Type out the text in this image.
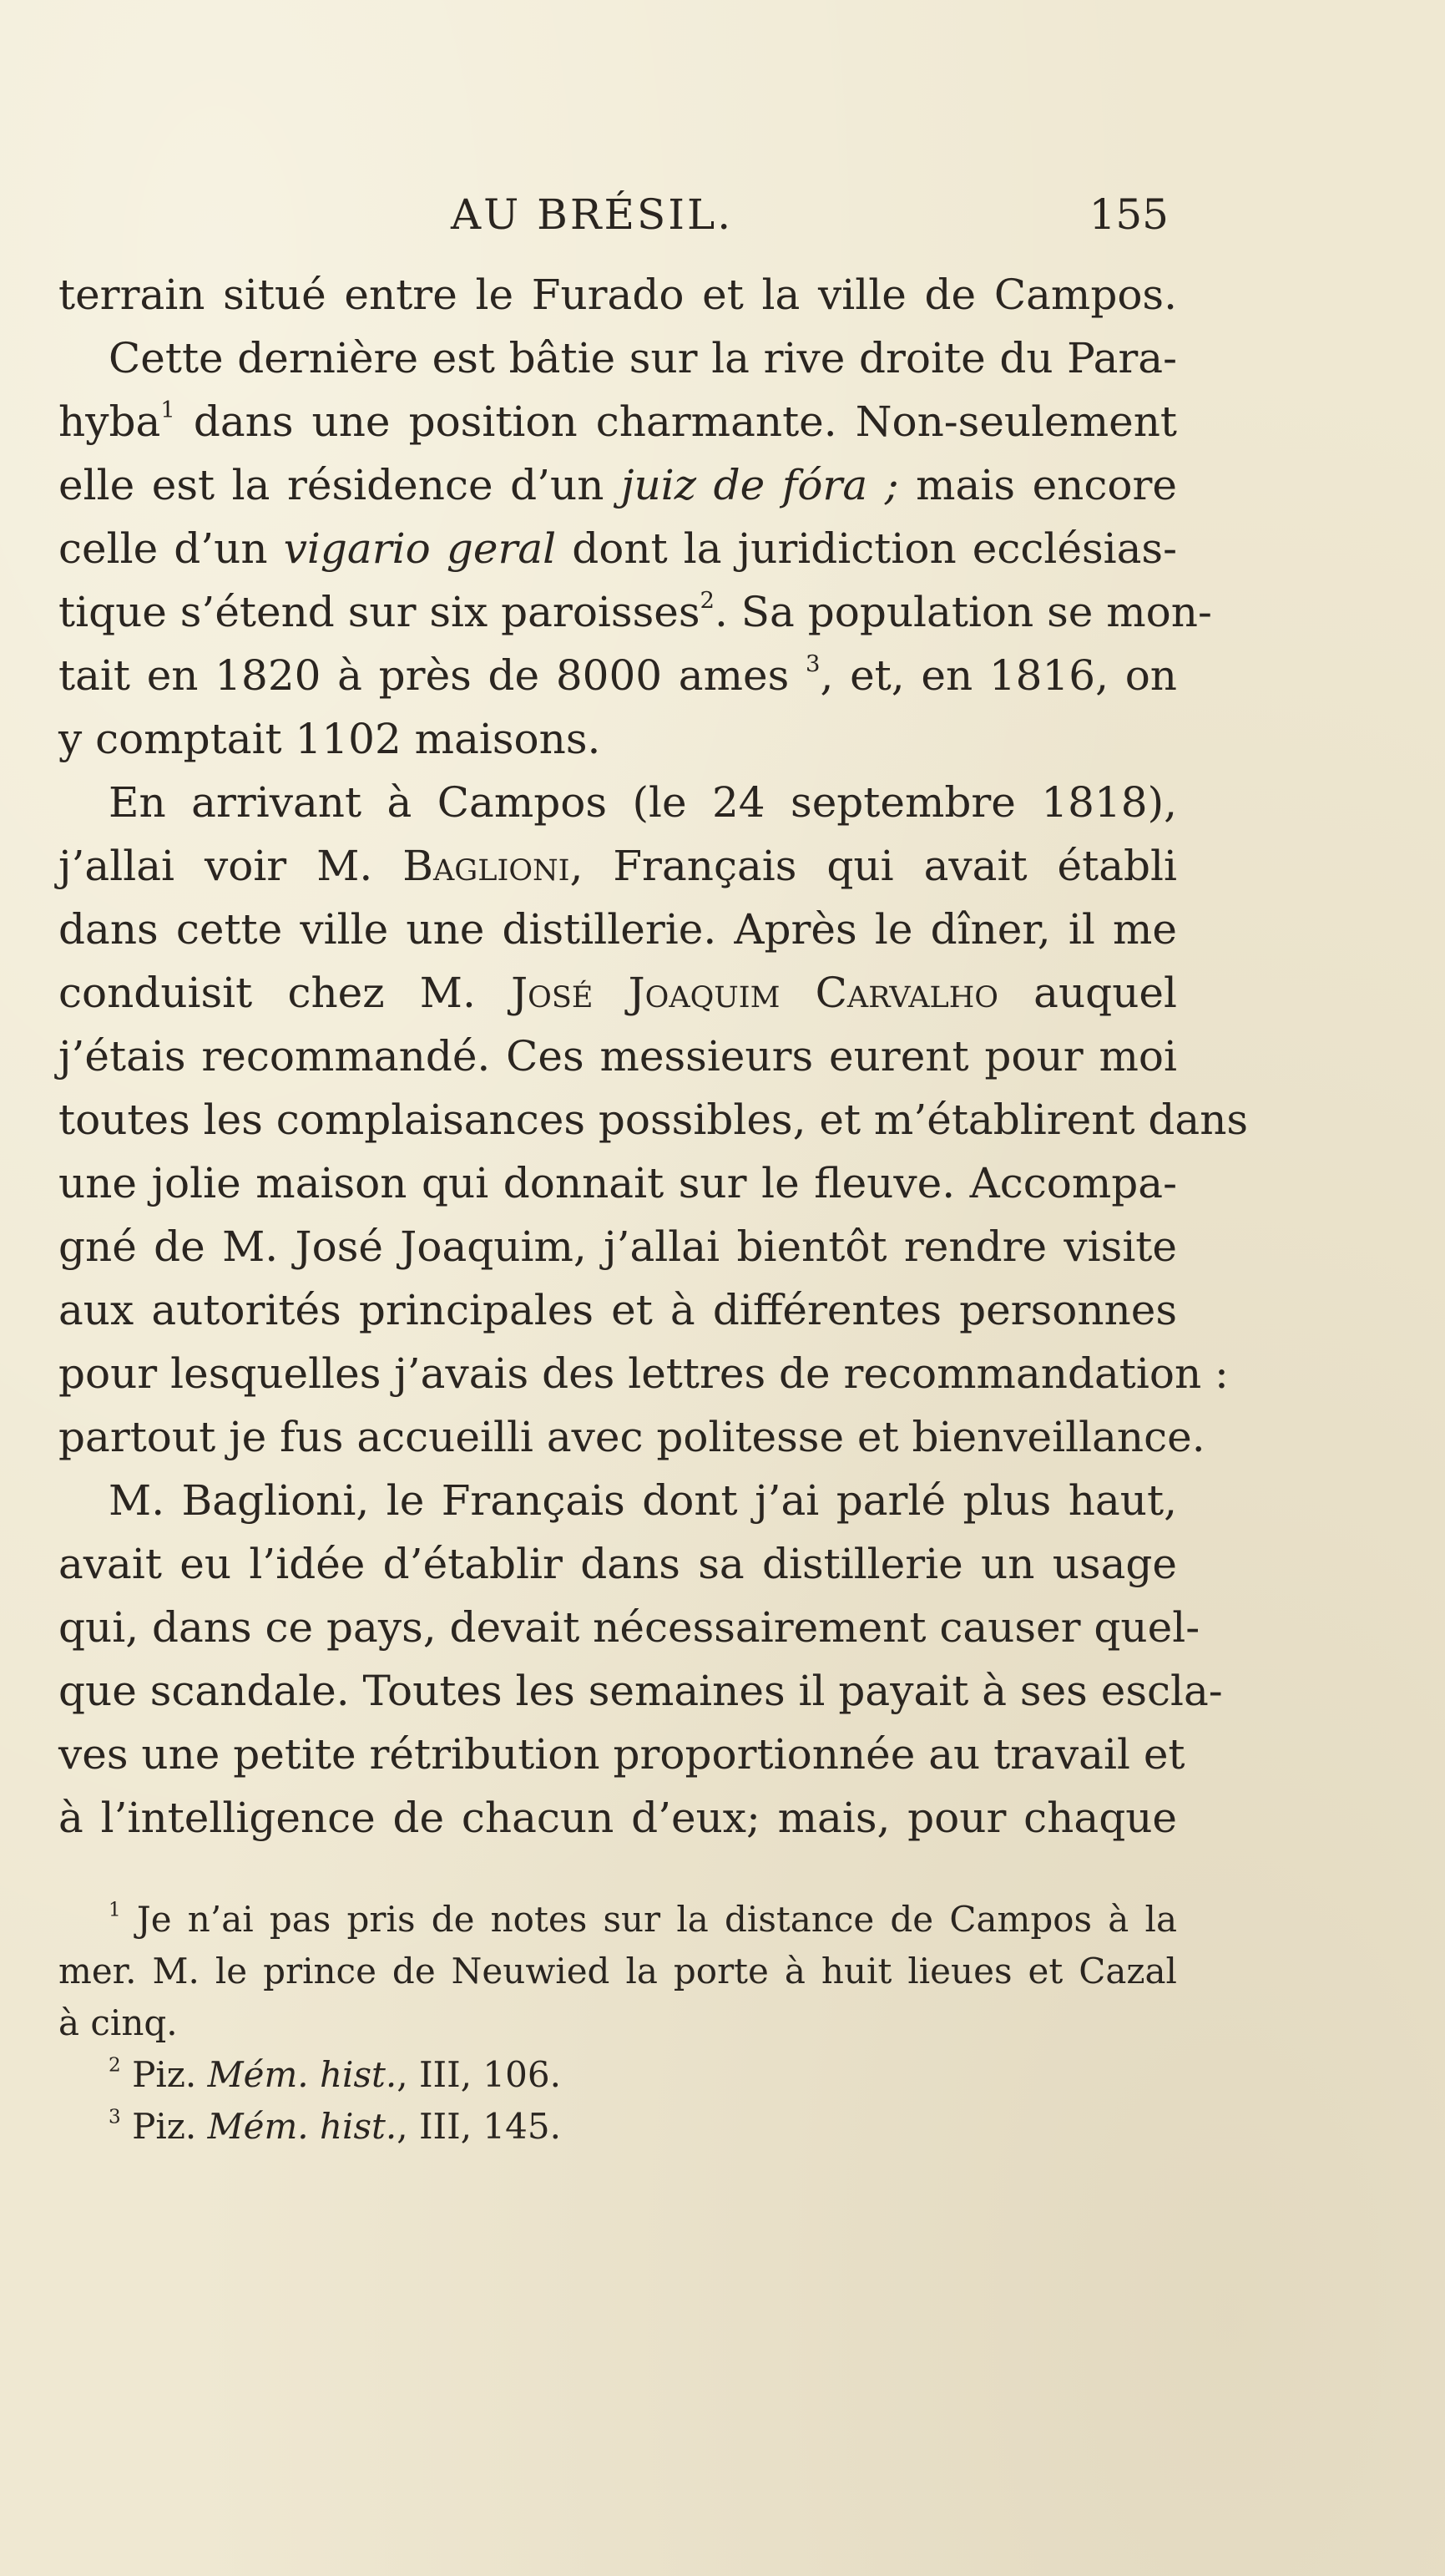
AU BRÉSIL.	155
terrain situé entre le Furado et la ville de Campos.
Cette dernière est bâtie sur la rive droite du Para-
hyba$^1$ dans une position charmante. Non-seulement
elle est la résidence d’un juiz de fóra ; mais encore
celle d’un vigario geral dont la juridiction ecclésias-
tique s’étend sur six paroisses$^2$. Sa population se mon-
tait en 1820 à près de 8000 ames $^3$, et, en 1816, on
y comptait 1102 maisons.
En arrivant à Campos (le 24 septembre 1818),
j’allai voir M. Baglioni, Français qui avait établi
dans cette ville une distillerie. Après le dîner, il me
conduisit chez M. José Joaquim Carvalho auquel
j’étais recommandé. Ces messieurs eurent pour moi
toutes les complaisances possibles, et m’établirent dans
une jolie maison qui donnait sur le fleuve. Accompa-
gné de M. José Joaquim, j’allai bientôt rendre visite
aux autorités principales et à différentes personnes
pour lesquelles j’avais des lettres de recommandation :
partout je fus accueilli avec politesse et bienveillance.
M. Baglioni, le Français dont j’ai parlé plus haut,
avait eu l’idée d’établir dans sa distillerie un usage
qui, dans ce pays, devait nécessairement causer quel-
que scandale. Toutes les semaines il payait à ses escla-
ves une petite rétribution proportionnée au travail et
à l’intelligence de chacun d’eux; mais, pour chaque
$^1$ Je n’ai pas pris de notes sur la distance de Campos à la
mer. M. le prince de Neuwied la porte à huit lieues et Cazal
à cinq.
$^2$ Piz. Mém. hist., III, 106.
$^3$ Piz. Mém. hist., III, 145.
